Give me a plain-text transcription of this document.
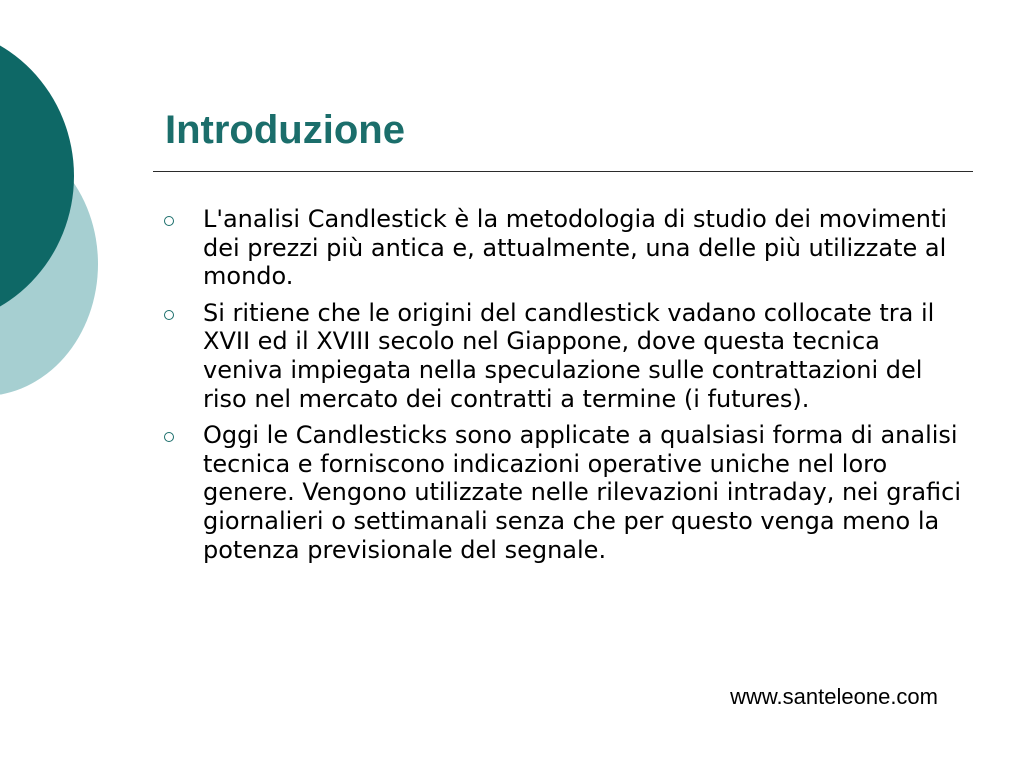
Introduzione
L'analisi Candlestick è la metodologia di studio dei movimenti dei prezzi più antica e, attualmente, una delle più utilizzate al mondo.
Si ritiene che le origini del candlestick vadano collocate tra il XVII ed il XVIII secolo nel Giappone, dove questa tecnica veniva impiegata nella speculazione sulle contrattazioni del riso nel mercato dei contratti a termine (i futures).
Oggi le Candlesticks sono applicate a qualsiasi forma di analisi tecnica e forniscono indicazioni operative uniche nel loro genere. Vengono utilizzate nelle rilevazioni intraday, nei grafici giornalieri o settimanali senza che per questo venga meno la potenza previsionale del segnale.
www.santeleone.com
